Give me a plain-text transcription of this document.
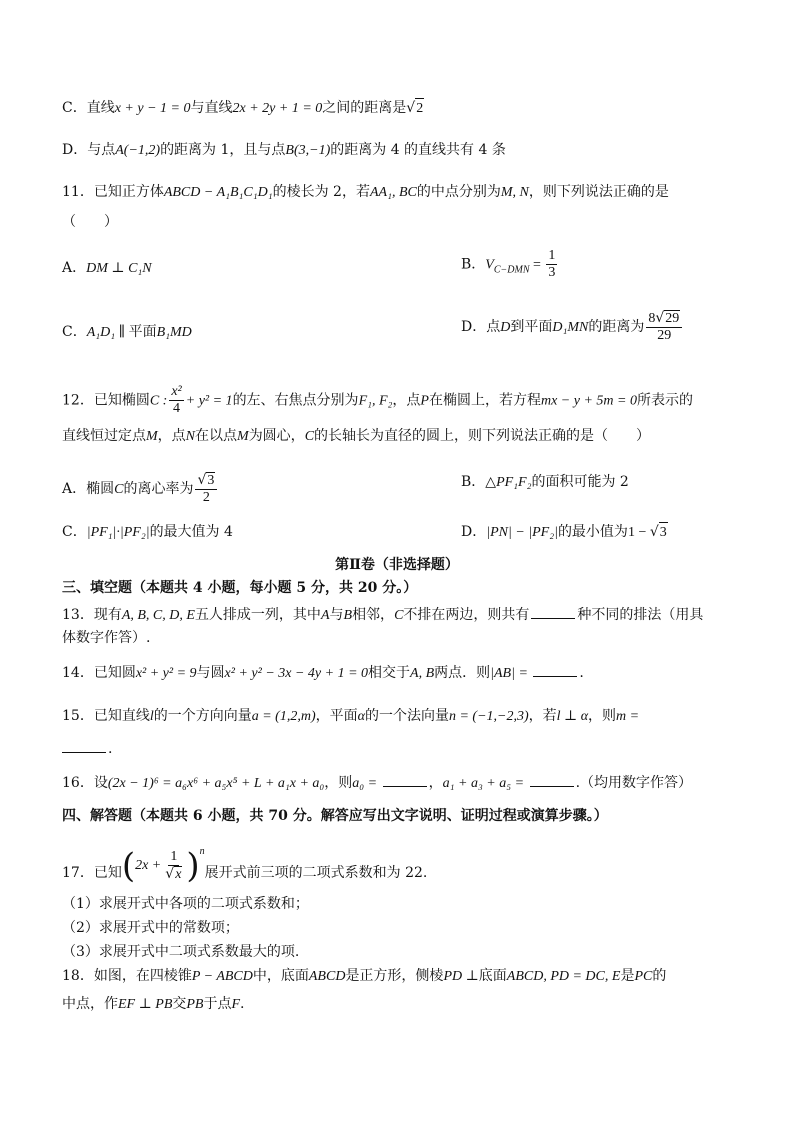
C．直线x + y − 1 = 0与直线2x + 2y + 1 = 0之间的距离是 √ 2
D．与点A(−1,2)的距离为 1，且与点B(3,−1)的距离为 4 的直线共有 4 条
11．已知正方体ABCD − A₁B₁C₁D₁的棱长为 2，若AA₁, BC的中点分别为M, N，则下列说法正确的是
（　　）
A．DM ⊥ C₁N	B．$V_{C-DMN} = \frac{1}{3}$
C．A₁D₁ ∥ 平面B₁MD	D．点D到平面D₁MN的距离为 $\frac{8 √ 29}{29}$
12．已知椭圆C : $\frac{\text{x²}}{4} + y^2 = 1$的左、右焦点分别为F₁, F₂，点P在椭圆上，若方程mx − y + 5m = 0所表示的
直线恒过定点M，点N在以点M为圆心，C的长轴长为直径的圆上，则下列说法正确的是（　　）
A．椭圆C的离心率为 $\frac{√ 3}{2}$	B．△PF₁F₂的面积可能为 2
C．|PF₁|·|PF₂|的最大值为 4	D．|PN| − |PF₂|的最小值为1 − √ 3
第Ⅱ卷（非选择题）
三、填空题（本题共 4 小题，每小题 5 分，共 20 分。）
13．现有A, B, C, D, E五人排成一列，其中A与B相邻，C不排在两边，则共有	种不同的排法（用具
体数字作答）.
14．已知圆x² + y² = 9与圆x² + y² − 3x − 4y + 1 = 0相交于A, B两点．则|AB| =	.
15．已知直线l的一个方向向量a = (1,2,m)，平面α的一个法向量n = (−1,−2,3)，若l ⊥ α，则m =
.
16．设(2x − 1)⁶ = a₆x⁶ + a₅x⁵ + L + a₁x + a₀，则a₀ =	，a₁ + a₃ + a₅ =	.（均用数字作答）
四、解答题（本题共 6 小题，共 70 分。解答应写出文字说明、证明过程或演算步骤。）
17．已知 ( $2x + \frac{1}{√ x} )^n$
展开式前三项的二项式系数和为 22.
（1）求展开式中各项的二项式系数和；
（2）求展开式中的常数项；
（3）求展开式中二项式系数最大的项.
18．如图，在四棱锥P − ABCD中，底面ABCD是正方形，侧棱PD ⊥底面ABCD, PD = DC, E是PC的
中点，作EF ⊥ PB交PB于点F.
